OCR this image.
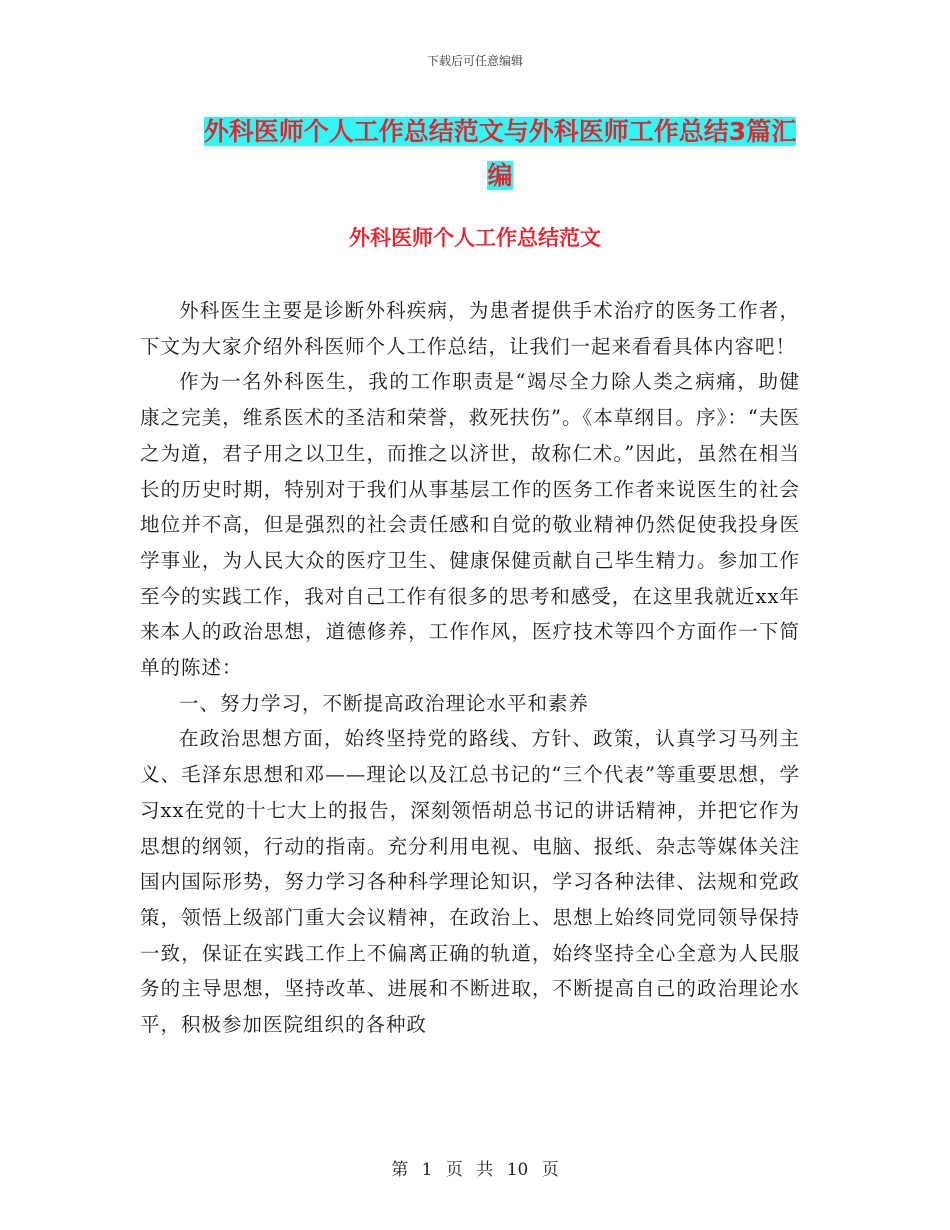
下载后可任意编辑
外科医师个人工作总结范文与外科医师工作总结3篇汇编
外科医师个人工作总结范文

外科医生主要是诊断外科疾病，为患者提供手术治疗的医务工作者，下文为大家介绍外科医师个人工作总结，让我们一起来看看具体内容吧！

作为一名外科医生，我的工作职责是“竭尽全力除人类之病痛，助健康之完美，维系医术的圣洁和荣誉，救死扶伤”。《本草纲目。序》：“夫医之为道，君子用之以卫生，而推之以济世，故称仁术。”因此，虽然在相当长的历史时期，特别对于我们从事基层工作的医务工作者来说医生的社会地位并不高，但是强烈的社会责任感和自觉的敬业精神仍然促使我投身医学事业，为人民大众的医疗卫生、健康保健贡献自己毕生精力。参加工作至今的实践工作，我对自己工作有很多的思考和感受，在这里我就近xx年来本人的政治思想，道德修养，工作作风，医疗技术等四个方面作一下简单的陈述：

一、努力学习，不断提高政治理论水平和素养

在政治思想方面，始终坚持党的路线、方针、政策，认真学习马列主义、毛泽东思想和邓——理论以及江总书记的“三个代表”等重要思想，学习xx在党的十七大上的报告，深刻领悟胡总书记的讲话精神，并把它作为思想的纲领，行动的指南。充分利用电视、电脑、报纸、杂志等媒体关注国内国际形势，努力学习各种科学理论知识，学习各种法律、法规和党政策，领悟上级部门重大会议精神，在政治上、思想上始终同党同领导保持一致，保证在实践工作上不偏离正确的轨道，始终坚持全心全意为人民服务的主导思想，坚持改革、进展和不断进取，不断提高自己的政治理论水平，积极参加医院组织的各种政

第 1 页 共 10 页
